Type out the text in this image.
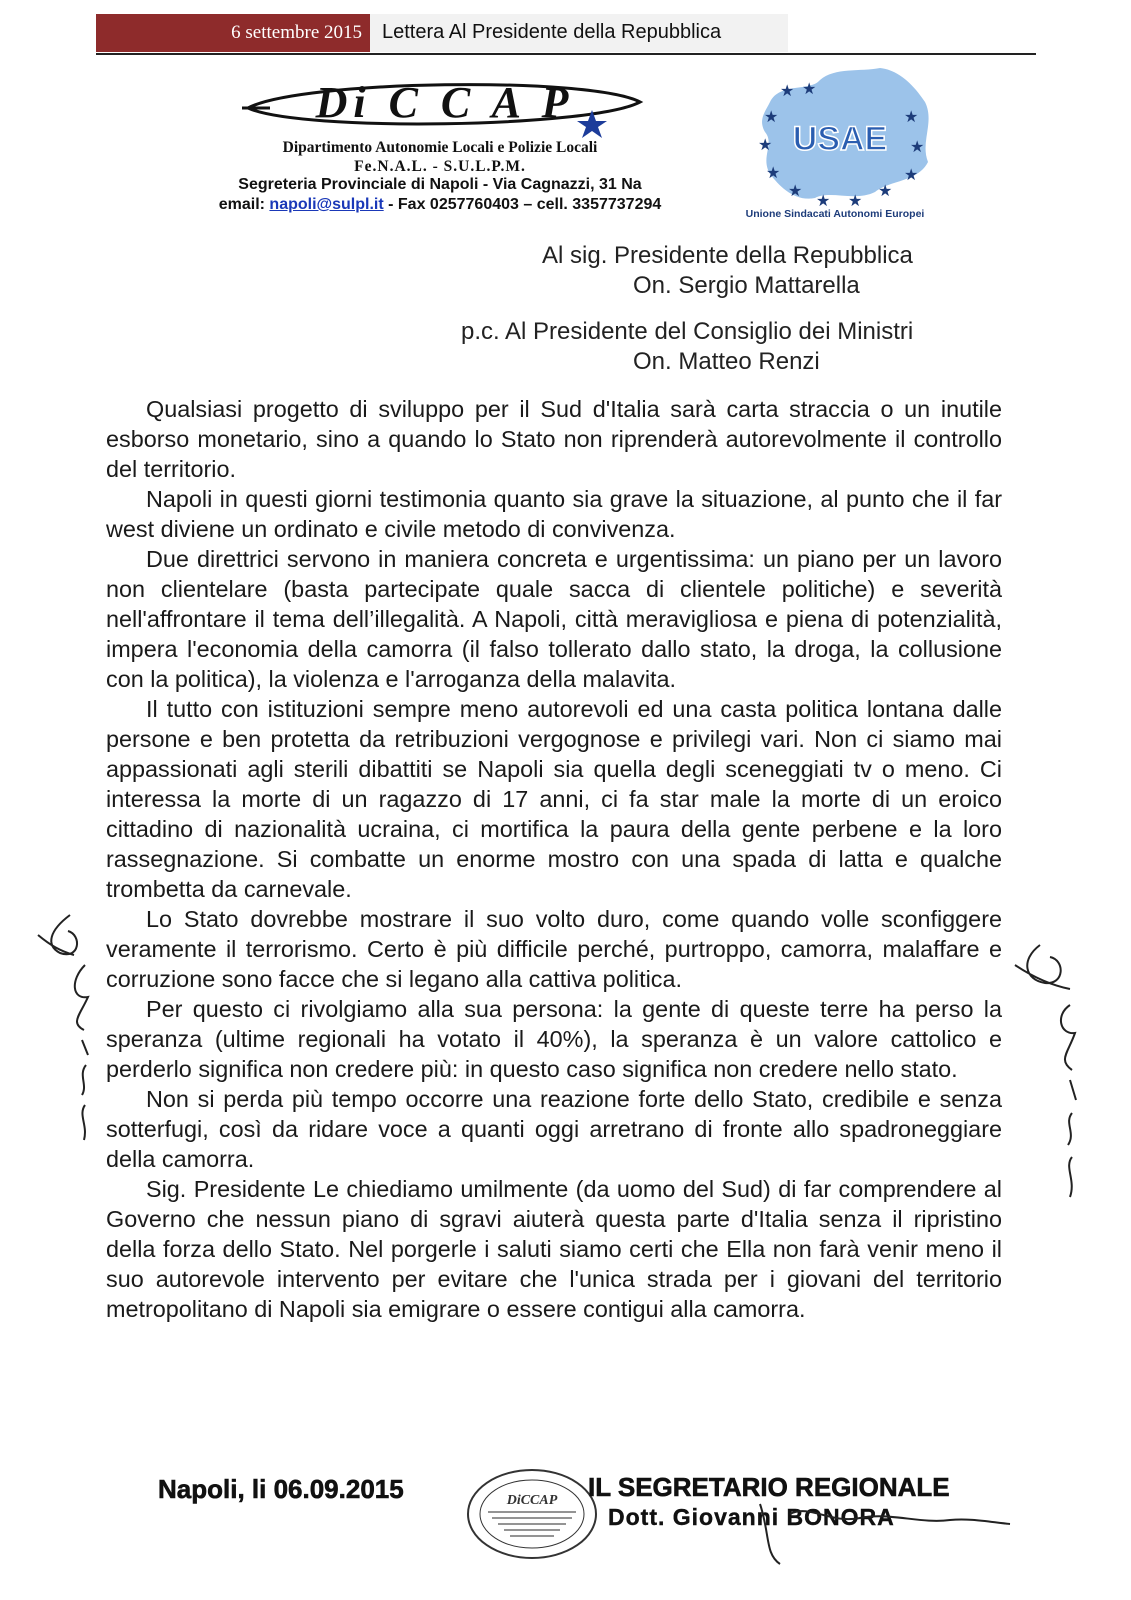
6 settembre 2015	Lettera Al Presidente della Repubblica
Di C C A P
Dipartimento Autonomie Locali e Polizie Locali
Fe.N.A.L. - S.U.L.P.M.
Segreteria Provinciale di Napoli - Via Cagnazzi, 31 Na
email: napoli@sulpl.it - Fax 0257760403 – cell. 3357737294
USAE
★ ★
★
★
★
★
★ ★
★
★
★
★
Unione Sindacati Autonomi Europei
Al sig. Presidente della Repubblica
On. Sergio Mattarella
p.c. Al Presidente del Consiglio dei Ministri
On. Matteo Renzi

Qualsiasi progetto di sviluppo per il Sud d'Italia sarà carta straccia o un inutile esborso monetario, sino a quando lo Stato non riprenderà autorevolmente il controllo del territorio.

Napoli in questi giorni testimonia quanto sia grave la situazione, al punto che il far west diviene un ordinato e civile metodo di convivenza.

Due direttrici servono in maniera concreta e urgentissima: un piano per un lavoro non clientelare (basta partecipate quale sacca di clientele politiche) e severità nell'affrontare il tema dell’illegalità. A Napoli, città meravigliosa e piena di potenzialità, impera l'economia della camorra (il falso tollerato dallo stato, la droga, la collusione con la politica), la violenza e l'arroganza della malavita.

Il tutto con istituzioni sempre meno autorevoli ed una casta politica lontana dalle persone e ben protetta da retribuzioni vergognose e privilegi vari. Non ci siamo mai appassionati agli sterili dibattiti se Napoli sia quella degli sceneggiati tv o meno. Ci interessa la morte di un ragazzo di 17 anni, ci fa star male la morte di un eroico cittadino di nazionalità ucraina, ci mortifica la paura della gente perbene e la loro rassegnazione. Si combatte un enorme mostro con una spada di latta e qualche trombetta da carnevale.

Lo Stato dovrebbe mostrare il suo volto duro, come quando volle sconfiggere veramente il terrorismo. Certo è più difficile perché, purtroppo, camorra, malaffare e corruzione sono facce che si legano alla cattiva politica.

Per questo ci rivolgiamo alla sua persona: la gente di queste terre ha perso la speranza (ultime regionali ha votato il 40%), la speranza è un valore cattolico e perderlo significa non credere più: in questo caso significa non credere nello stato.

Non si perda più tempo occorre una reazione forte dello Stato, credibile e senza sotterfugi, così da ridare voce a quanti oggi arretrano di fronte allo spadroneggiare della camorra.

Sig. Presidente Le chiediamo umilmente (da uomo del Sud) di far comprendere al Governo che nessun piano di sgravi aiuterà questa parte d'Italia senza il ripristino della forza dello Stato. Nel porgerle i saluti siamo certi che Ella non farà venir meno il suo autorevole intervento per evitare che l'unica strada per i giovani del territorio metropolitano di Napoli sia emigrare o essere contigui alla camorra.

Napoli, li 06.09.2015	DiCCAP IL SEGRETARIO REGIONALE
Dott. Giovanni BONORA
